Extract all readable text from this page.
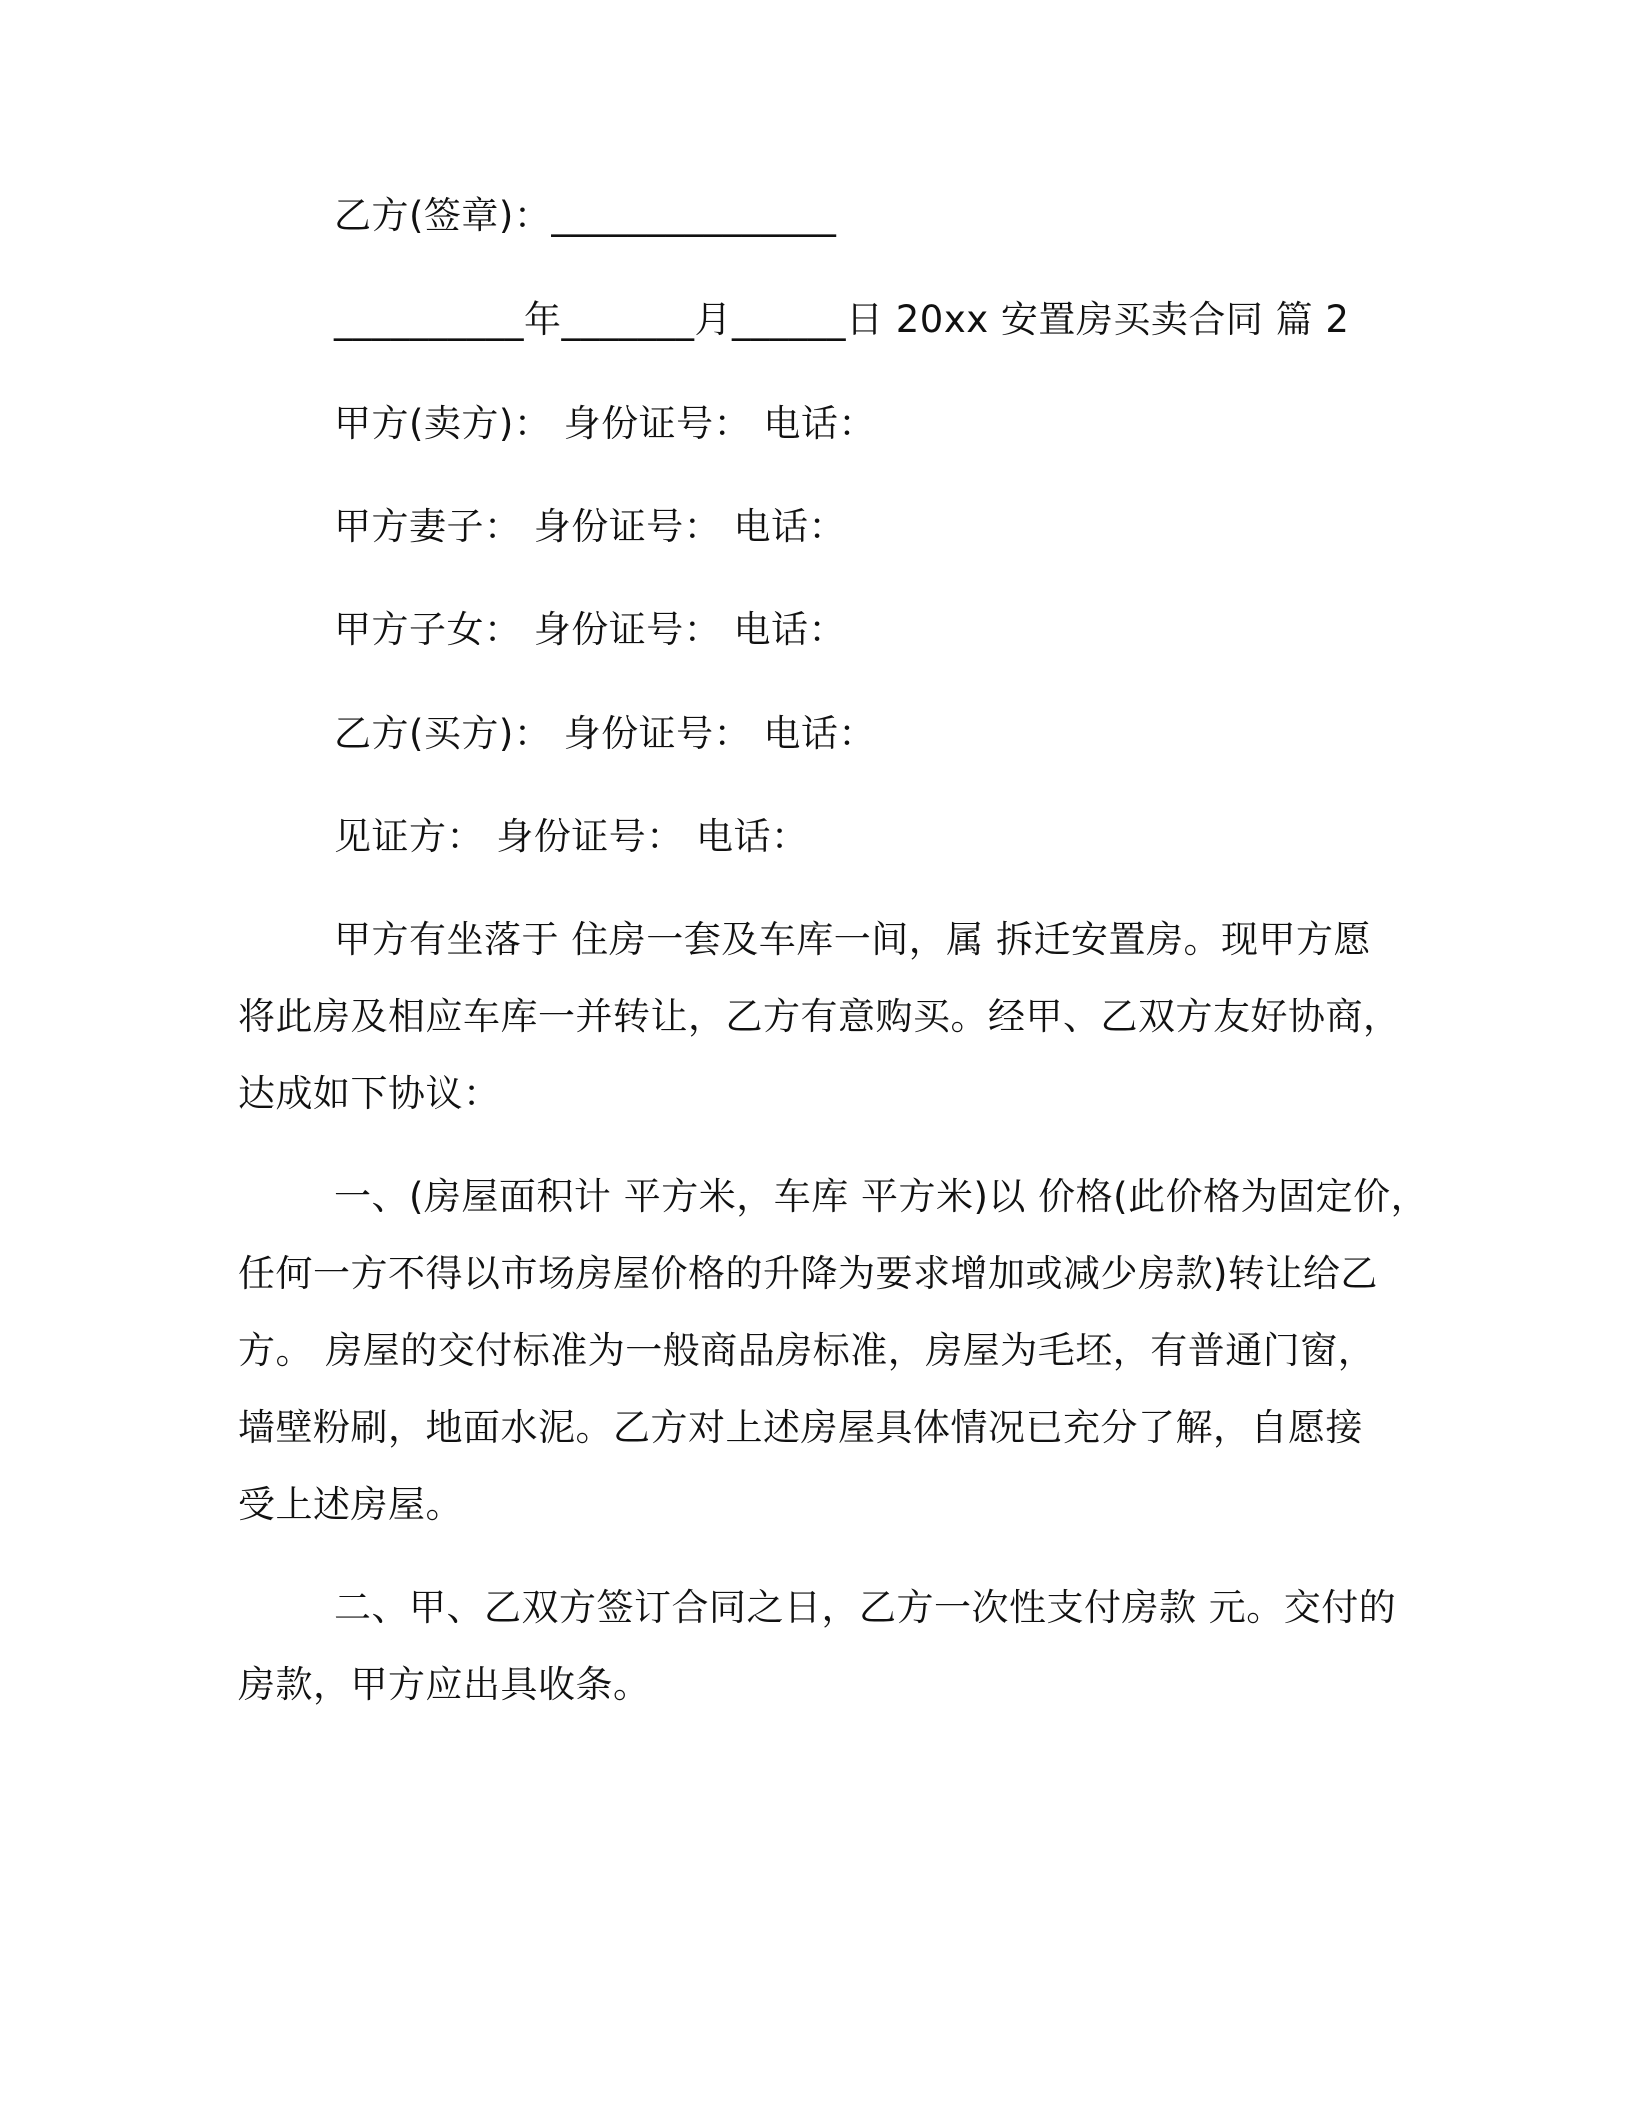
乙方(签章)：_______________
__________年_______月______日 20xx 安置房买卖合同 篇 2
甲方(卖方)： 身份证号： 电话：
甲方妻子： 身份证号： 电话：
甲方子女： 身份证号： 电话：
乙方(买方)： 身份证号： 电话：
见证方： 身份证号： 电话：
甲方有坐落于 住房一套及车库一间，属 拆迁安置房。现甲方愿
将此房及相应车库一并转让，乙方有意购买。经甲、乙双方友好协商，
达成如下协议：
一、(房屋面积计 平方米，车库 平方米)以 价格(此价格为固定价，
任何一方不得以市场房屋价格的升降为要求增加或减少房款)转让给乙
方。 房屋的交付标准为一般商品房标准，房屋为毛坯，有普通门窗，
墙壁粉刷，地面水泥。乙方对上述房屋具体情况已充分了解，自愿接
受上述房屋。
二、甲、乙双方签订合同之日，乙方一次性支付房款 元。交付的
房款，甲方应出具收条。
